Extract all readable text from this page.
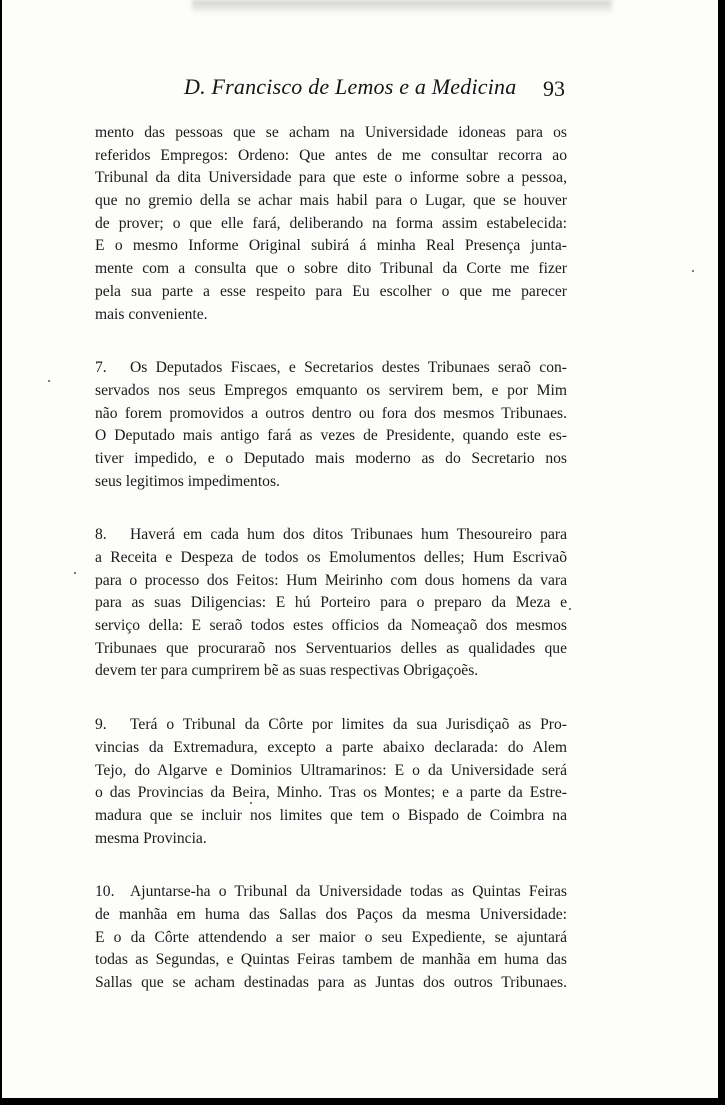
D. Francisco de Lemos e a Medicina 93
mento das pessoas que se acham na Universidade idoneas para os
referidos Empregos: Ordeno: Que antes de me consultar recorra ao
Tribunal da dita Universidade para que este o informe sobre a pessoa,
que no gremio della se achar mais habil para o Lugar, que se houver
de prover; o que elle fará, deliberando na forma assim estabelecida:
E o mesmo Informe Original subirá á minha Real Presença junta-
mente com a consulta que o sobre dito Tribunal da Corte me fizer
pela sua parte a esse respeito para Eu escolher o que me parecer
mais conveniente.
7. Os Deputados Fiscaes, e Secretarios destes Tribunaes seraõ con-
servados nos seus Empregos emquanto os servirem bem, e por Mim
não forem promovidos a outros dentro ou fora dos mesmos Tribunaes.
O Deputado mais antigo fará as vezes de Presidente, quando este es-
tiver impedido, e o Deputado mais moderno as do Secretario nos
seus legitimos impedimentos.
8. Haverá em cada hum dos ditos Tribunaes hum Thesoureiro para
a Receita e Despeza de todos os Emolumentos delles; Hum Escrivaõ
para o processo dos Feitos: Hum Meirinho com dous homens da vara
para as suas Diligencias: E hú Porteiro para o preparo da Meza e
serviço della: E seraõ todos estes officios da Nomeaçaõ dos mesmos
Tribunaes que procuraraõ nos Serventuarios delles as qualidades que
devem ter para cumprirem bẽ as suas respectivas Obrigaçoẽs.
9. Terá o Tribunal da Côrte por limites da sua Jurisdiçaõ as Pro-
vincias da Extremadura, excepto a parte abaixo declarada: do Alem
Tejo, do Algarve e Dominios Ultramarinos: E o da Universidade será
o das Provincias da Beira, Minho. Tras os Montes; e a parte da Estre-
madura que se incluir nos limites que tem o Bispado de Coimbra na
mesma Provincia.
10. Ajuntarse-ha o Tribunal da Universidade todas as Quintas Feiras
de manhãa em huma das Sallas dos Paços da mesma Universidade:
E o da Côrte attendendo a ser maior o seu Expediente, se ajuntará
todas as Segundas, e Quintas Feiras tambem de manhãa em huma das
Sallas que se acham destinadas para as Juntas dos outros Tribunaes.
